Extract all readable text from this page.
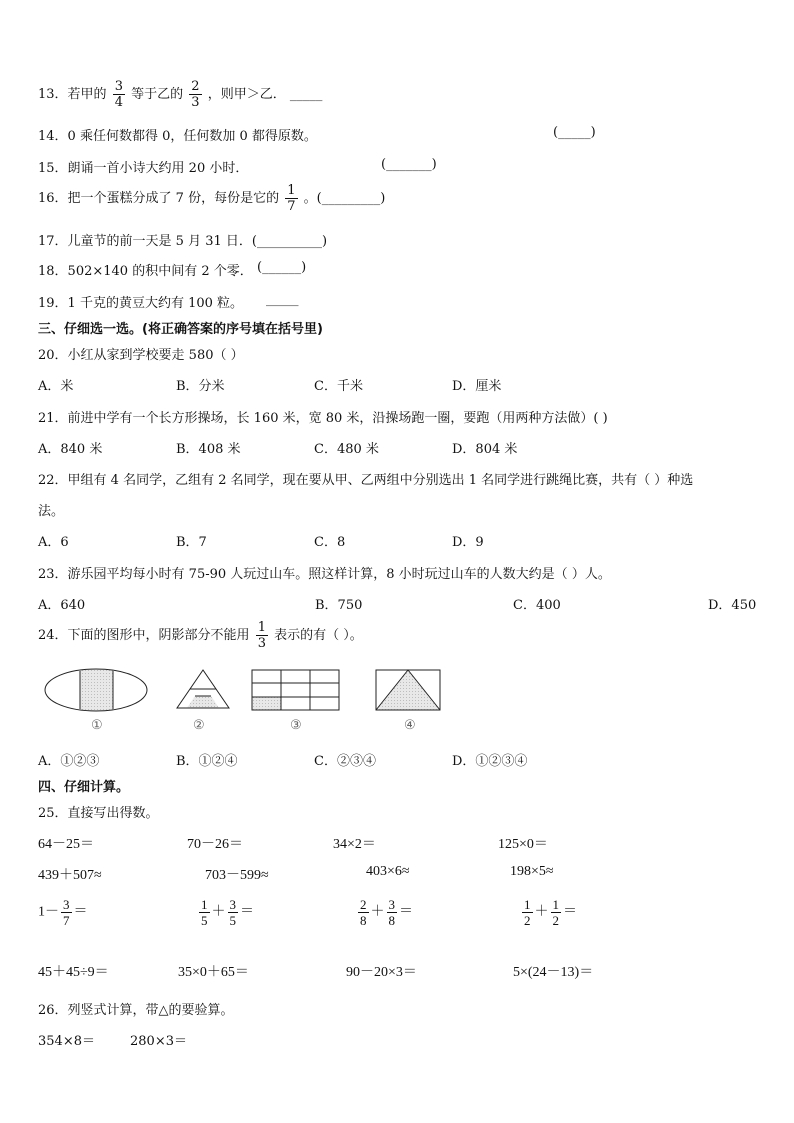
13．若甲的 $\frac{3}{4}$ 等于乙的 $\frac{2}{3}$ ，则甲＞乙． _____
14．0 乘任何数都得 0，任何数加 0 都得原数。	(_____)
15．朗诵一首小诗大约用 20 小时．	(_______)
16．把一个蛋糕分成了 7 份，每份是它的 $\frac{1}{7}$ 。(_________)
17．儿童节的前一天是 5 月 31 日．(__________)
18．502×140 的积中间有 2 个零． (______)
19．1 千克的黄豆大约有 100 粒。 _____
三、仔细选一选。(将正确答案的序号填在括号里)
20．小红从家到学校要走 580（ ）
A．米	B．分米	C．千米	D．厘米
21．前进中学有一个长方形操场，长 160 米，宽 80 米，沿操场跑一圈，要跑（用两种方法做）( )
A．840 米	B．408 米	C．480 米	D．804 米
22．甲组有 4 名同学，乙组有 2 名同学，现在要从甲、乙两组中分别选出 1 名同学进行跳绳比赛，共有（ ）种选
法。
A．6	B．7	C．8	D．9
23．游乐园平均每小时有 75-90 人玩过山车。照这样计算，8 小时玩过山车的人数大约是（ ）人。
A．640	B．750	C．400	D．450
24．下面的图形中，阴影部分不能用 $\frac{1}{3}$ 表示的有（ ）。
①	②	③	④
A．①②③	B．①②④	C．②③④	D．①②③④
四、仔细计算。
25．直接写出得数。
64－25＝	70－26＝	34×2＝	125×0＝
439＋507≈	703－599≈	403×6≈	198×5≈
$1- \frac{3}{7}$ ＝	$\frac{1}{5} + \frac{3}{5}$ ＝	$\frac{2}{8} + \frac{3}{8}$ ＝	$\frac{1}{2} + \frac{1}{2}$ ＝
45＋45÷9＝	35×0＋65＝	90－20×3＝	5×(24－13)＝
26．列竖式计算，带△的要验算。
354×8＝	280×3＝
